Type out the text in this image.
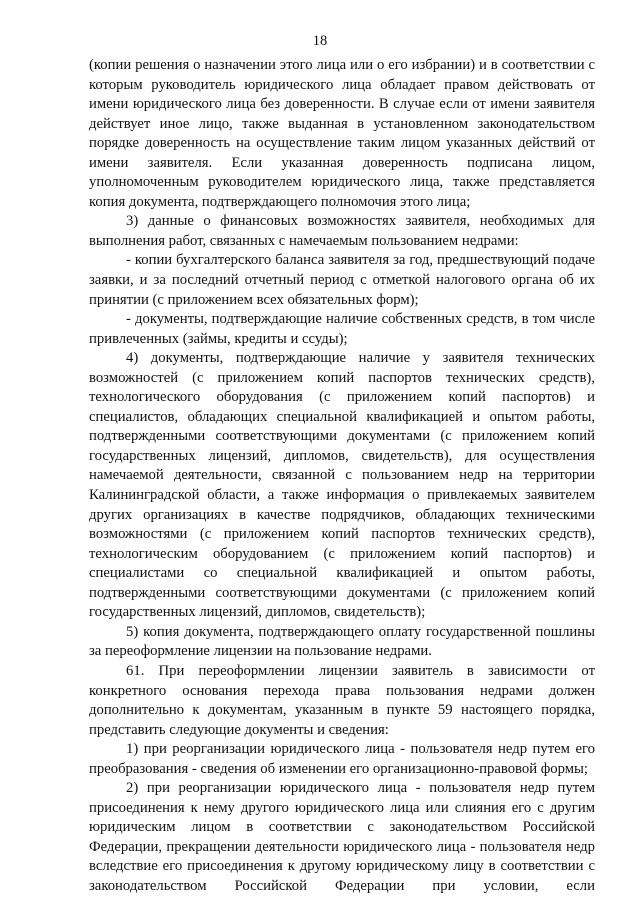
18

(копии решения о назначении этого лица или о его избрании) и в соответствии с которым руководитель юридического лица обладает правом действовать от имени юридического лица без доверенности. В случае если от имени заявителя действует иное лицо, также выданная в установленном законодательством порядке доверенность на осуществление таким лицом указанных действий от имени заявителя. Если указанная доверенность подписана лицом, уполномоченным руководителем юридического лица, также представляется копия документа, подтверждающего полномочия этого лица;

3) данные о финансовых возможностях заявителя, необходимых для выполнения работ, связанных с намечаемым пользованием недрами:

- копии бухгалтерского баланса заявителя за год, предшествующий подаче заявки, и за последний отчетный период с отметкой налогового органа об их принятии (с приложением всех обязательных форм);

- документы, подтверждающие наличие собственных средств, в том числе привлеченных (займы, кредиты и ссуды);

4) документы, подтверждающие наличие у заявителя технических возможностей (с приложением копий паспортов технических средств), технологического оборудования (с приложением копий паспортов) и специалистов, обладающих специальной квалификацией и опытом работы, подтвержденными соответствующими документами (с приложением копий государственных лицензий, дипломов, свидетельств), для осуществления намечаемой деятельности, связанной с пользованием недр на территории Калининградской области, а также информация о привлекаемых заявителем других организациях в качестве подрядчиков, обладающих техническими возможностями (с приложением копий паспортов технических средств), технологическим оборудованием (с приложением копий паспортов) и специалистами со специальной квалификацией и опытом работы, подтвержденными соответствующими документами (с приложением копий государственных лицензий, дипломов, свидетельств);

5) копия документа, подтверждающего оплату государственной пошлины за переоформление лицензии на пользование недрами.

61. При переоформлении лицензии заявитель в зависимости от конкретного основания перехода права пользования недрами должен дополнительно к документам, указанным в пункте 59 настоящего порядка, представить следующие документы и сведения:

1) при реорганизации юридического лица - пользователя недр путем его преобразования - сведения об изменении его организационно-правовой формы;

2) при реорганизации юридического лица - пользователя недр путем присоединения к нему другого юридического лица или слияния его с другим юридическим лицом в соответствии с законодательством Российской Федерации, прекращении деятельности юридического лица - пользователя недр вследствие его присоединения к другому юридическому лицу в соответствии с законодательством Российской Федерации при условии, если
